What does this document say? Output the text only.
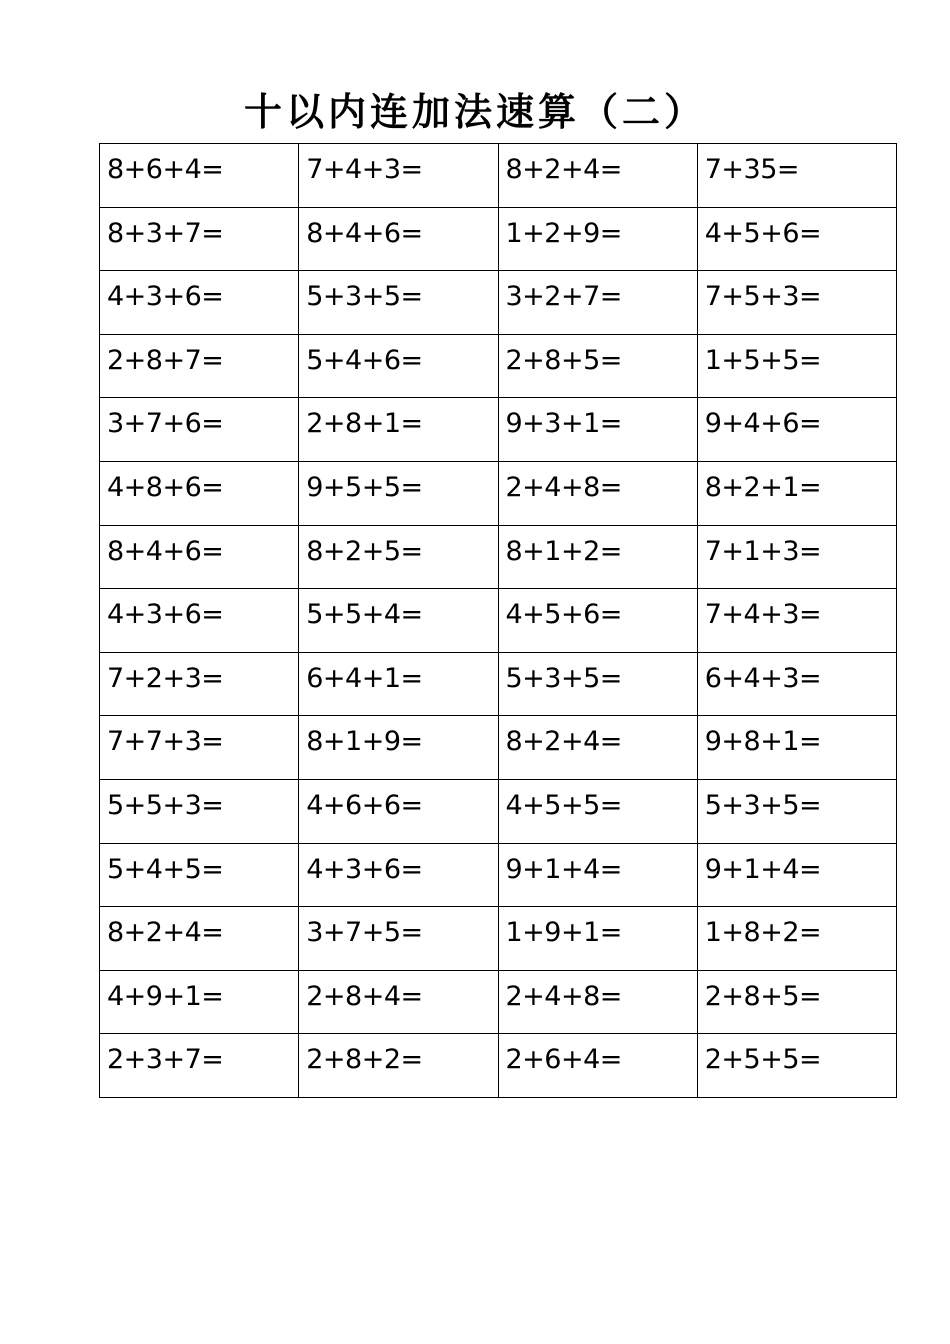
十以内连加法速算（二）
8+6+4=	7+4+3=	8+2+4=	7+35=

8+3+7=	8+4+6=	1+2+9=	4+5+6=

4+3+6=	5+3+5=	3+2+7=	7+5+3=

2+8+7=	5+4+6=	2+8+5=	1+5+5=

3+7+6=	2+8+1=	9+3+1=	9+4+6=

4+8+6=	9+5+5=	2+4+8=	8+2+1=

8+4+6=	8+2+5=	8+1+2=	7+1+3=

4+3+6=	5+5+4=	4+5+6=	7+4+3=

7+2+3=	6+4+1=	5+3+5=	6+4+3=

7+7+3=	8+1+9=	8+2+4=	9+8+1=

5+5+3=	4+6+6=	4+5+5=	5+3+5=

5+4+5=	4+3+6=	9+1+4=	9+1+4=

8+2+4=	3+7+5=	1+9+1=	1+8+2=

4+9+1=	2+8+4=	2+4+8=	2+8+5=

2+3+7=	2+8+2=	2+6+4=	2+5+5=
